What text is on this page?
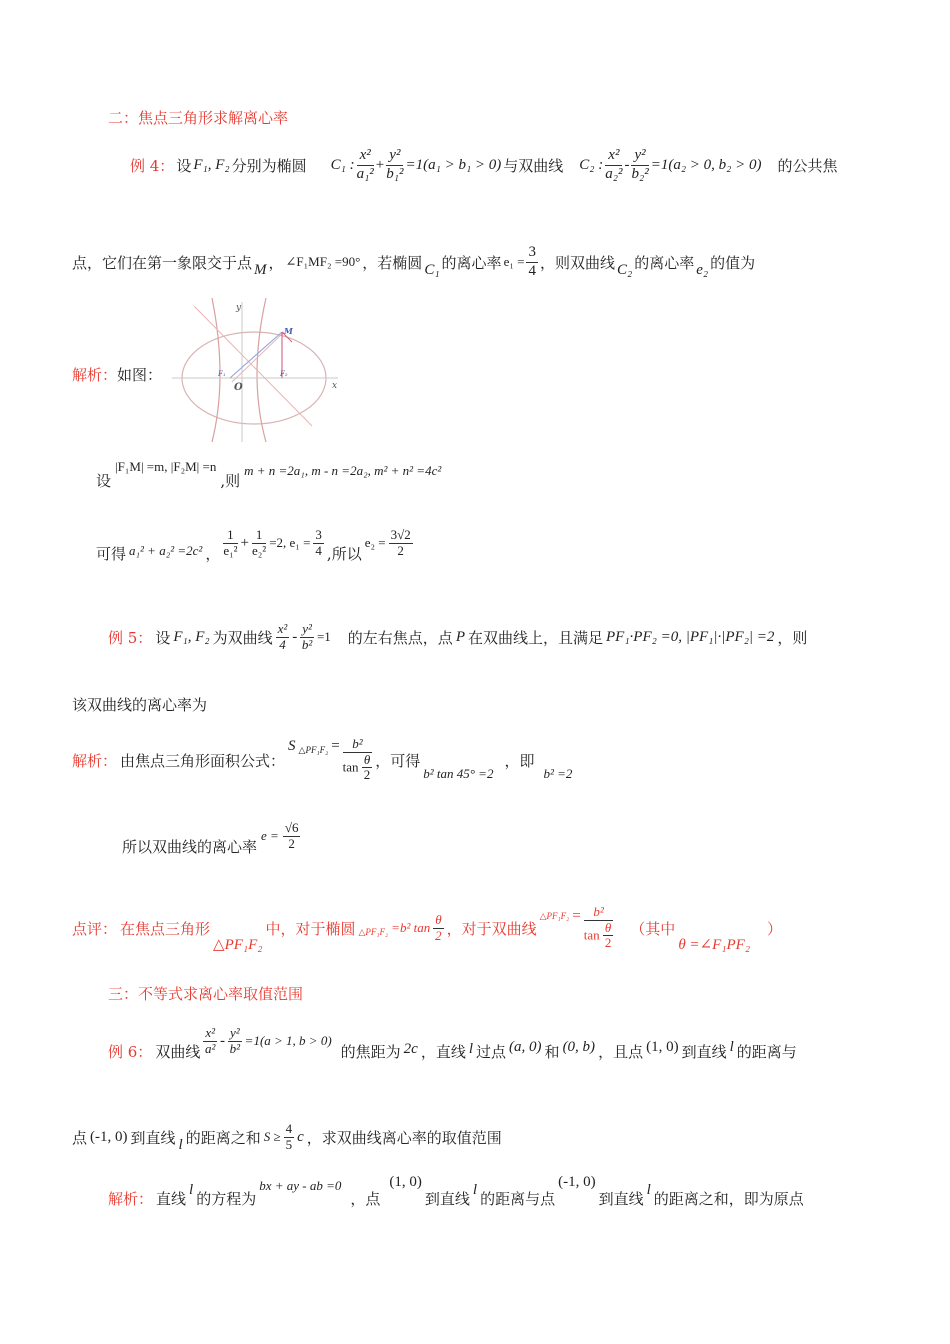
二：焦点三角形求解离心率
例 4： 设 F₁, F₂ 分别为椭圆 C₁ : $\frac{\text{x²}}{\text{a₁²}} + \frac{\text{y²}}{\text{b₁²}} =1(a_1 > b_1 > 0)$ 与双曲线 C₂ : $\frac{\text{x²}}{\text{a₂²}} - \frac{\text{y²}}{\text{b₂²}} =1(a_2 > 0$, b₂ > 0) 的公共焦
点，它们在第一象限交于点 M ， ∠F₁MF₂ =90° ，若椭圆 C₁ 的离心率 $e_1 = \frac{3}{4}$ ，则双曲线 C₂ 的离心率 e₂ 的值为
解析：如图：
y
x
O
M
F₁	F₂
设
|F₁M| =m, |F₂M| =n
,则
m + n =2a₁, m - n =2a₂, m² + n² =4c²
可得 a₁² + a₂² =2c² ， $\frac{1}{\text{e₁²}} + \frac{1}{\text{e₂²}} =2$, $e_1 = \frac{3}{4}$ ,所以
$e_2 = \frac{3√2}{2}$
例 5： 设 F₁, F₂ 为双曲线 $\frac{\text{x²}}{4} - \frac{\text{y²}}{\text{b²}} =1$ 的左右焦点，点 P 在双曲线上，且满足 PF₁·PF₂ =0, |PF₁|·|PF₂| =2 ，则
该双曲线的离心率为
解析： 由焦点三角形面积公式：
S △PF₁F₂ = $\frac{\text{b²}}{\tan \frac{\theta}{2}}$ ，可得
b² tan 45° =2
，即
b² =2
所以双曲线的离心率
$e = \frac{√6}{2}$
点评： 在焦点三角形
△PF₁F₂
中，对于椭圆 △PF₁F₂ =b² $\tan \frac{\theta}{2}$ ，对于双曲线
△PF₁F₂ = $\frac{\text{b²}}{\tan \frac{\theta}{2}}$ （其中
θ =∠F₁PF₂
）
三：不等式求离心率取值范围
例 6： 双曲线 $\frac{\text{x²}}{\text{a²}} - \frac{\text{y²}}{\text{b²}} =1(a > 1$, b > 0)
的焦距为 2c ，直线 l 过点 (a, 0) 和 (0, b) ，且点 (1, 0) 到直线 l 的距离与
点 (-1, 0) 到直线 l 的距离之和 $S \ge \frac{4}{5}$ c ，求双曲线离心率的取值范围
解析： 直线 l 的方程为
bx + ay - ab =0
，点
(1, 0)
到直线 l 的距离与点
(-1, 0)
到直线 l 的距离之和，即为原点
